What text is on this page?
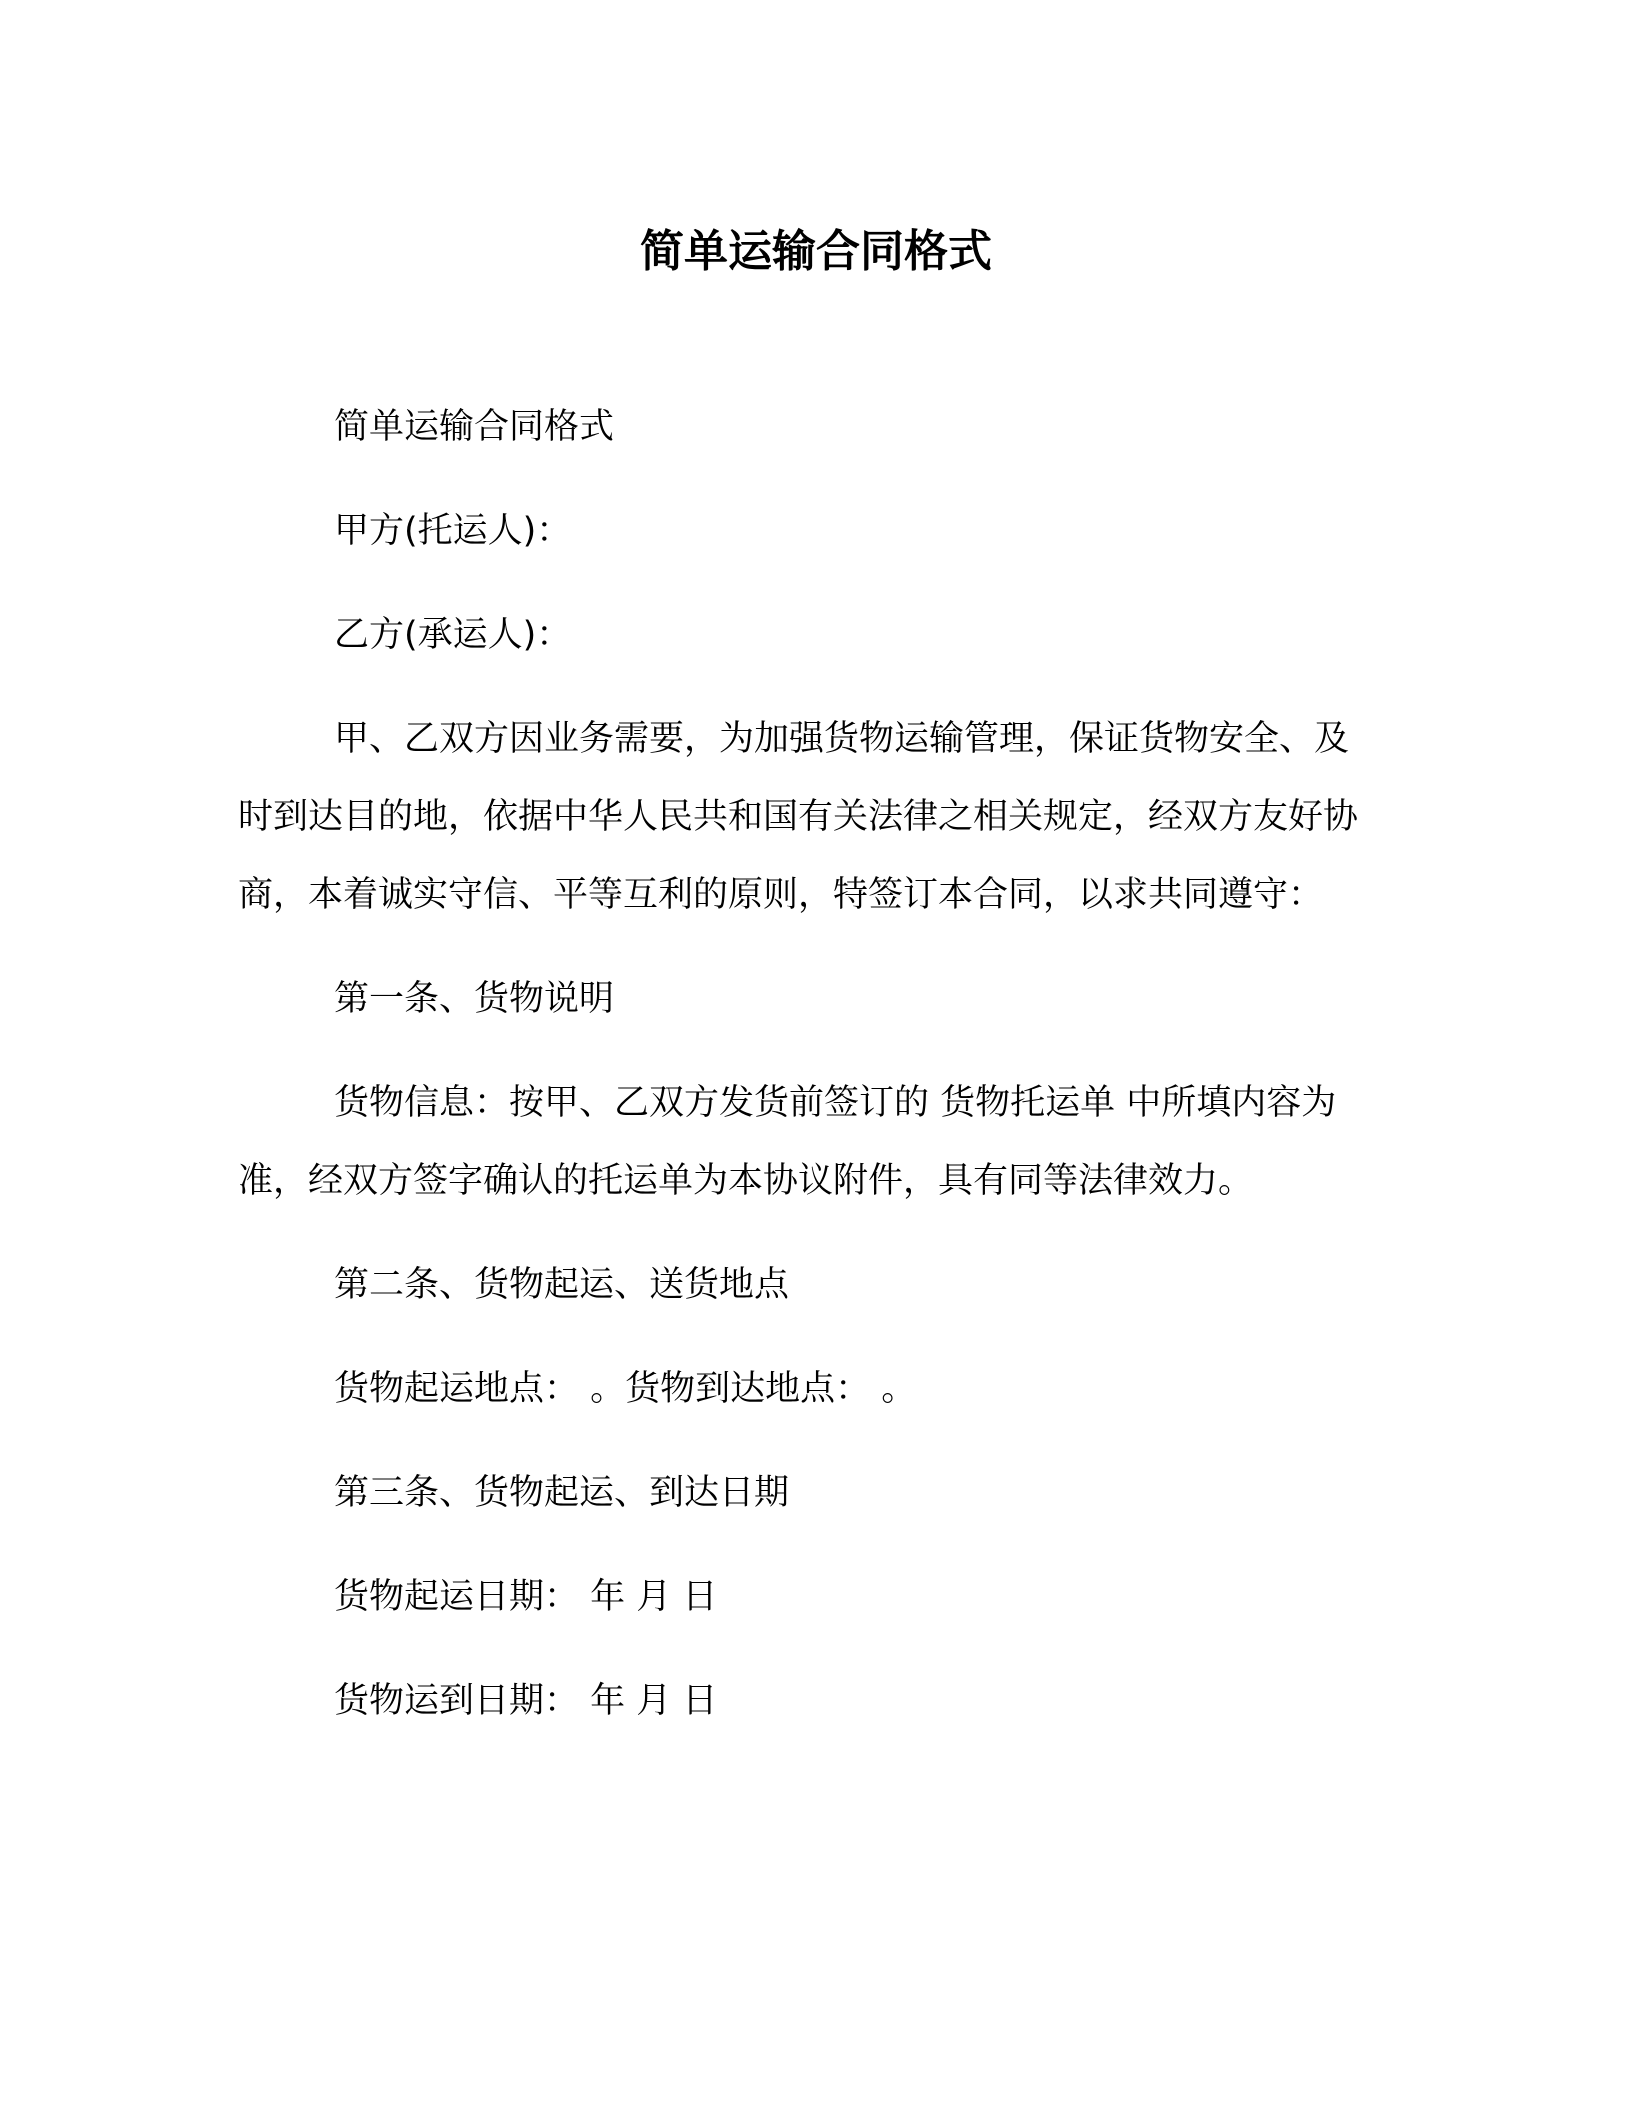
简单运输合同格式

简单运输合同格式

甲方(托运人)：

乙方(承运人)：

甲、乙双方因业务需要，为加强货物运输管理，保证货物安全、及时到达目的地，依据中华人民共和国有关法律之相关规定，经双方友好协商，本着诚实守信、平等互利的原则，特签订本合同，以求共同遵守：

第一条、货物说明

货物信息：按甲、乙双方发货前签订的 货物托运单 中所填内容为准，经双方签字确认的托运单为本协议附件，具有同等法律效力。

第二条、货物起运、送货地点

货物起运地点： 。货物到达地点： 。

第三条、货物起运、到达日期

货物起运日期： 年 月 日

货物运到日期： 年 月 日
